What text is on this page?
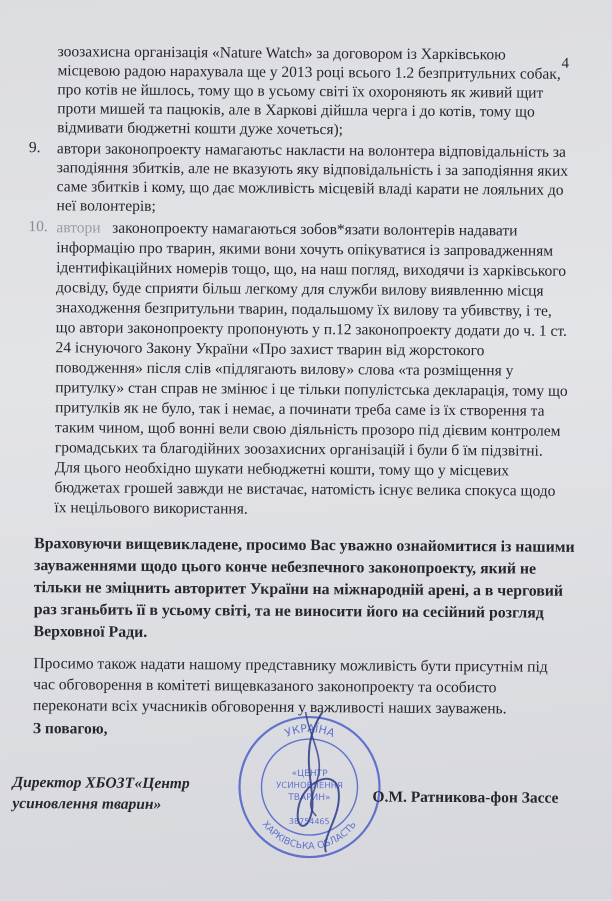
4

зоозахисна організація «Nature Watch» за договором із Харківською

місцевою радою нарахувала ще у 2013 році всього 1.2 безпритульних собак,

про котів не йшлось, тому що в усьому світі їх охороняють як живий щит

проти мишей та пацюків, але в Харкові дійшла черга і до котів, тому що

відмивати бюджетні кошти дуже хочеться);

9. автори законопроекту намагаютьс накласти на волонтера відповідальність за

заподіяння збитків, але не вказують яку відповідальність і за заподіяння яких

саме збитків і кому, що дає можливість місцевій владі карати не лояльних до

неї волонтерів;

10. автори законопроекту намагаються зобов*язати волонтерів надавати

інформацію про тварин, якими вони хочуть опікуватися із запровадженням

ідентифікаційних номерів тощо, що, на наш погляд, виходячи із харківського

досвіду, буде сприяти більш легкому для служби вилову виявленню місця

знаходження безпритульни тварин, подальшому їх вилову та убивству, і те,

що автори законопроекту пропонують у п.12 законопроекту додати до ч. 1 ст.

24 існуючого Закону України «Про захист тварин від жорстокого

поводження» після слів «підлягають вилову» слова «та розміщення у

притулку» стан справ не змінює і це тільки популістська декларація, тому що

притулків як не було, так і немає, а починати треба саме із їх створення та

таким чином, щоб вонні вели свою діяльність прозоро під дієвим контролем

громадських та благодійних зоозахисних організацій і були б їм підзвітні.

Для цього необхідно шукати небюджетні кошти, тому що у місцевих

бюджетах грошей завжди не вистачає, натомість існує велика спокуса щодо

їх нецільового використання.

Враховуючи вищевикладене, просимо Вас уважно ознайомитися із нашими

зауваженнями щодо цього конче небезпечного законопроекту, який не

тільки не змiцнить авторитет України на міжнародній арені, а в черговий

раз зганьбить її в усьому світі, та не виносити його на сесійний розгляд

Верховної Ради.

Просимо також надати нашому представнику можливість бути присутнім під

час обговорення в комітеті вищевказаного законопроекту та особисто

переконати всіх учасників обговорення у важливості наших зауважень.

З повагою,
Директор ХБОЗТ«Центр
усиновлення тварин»
УКРАЇНА
ХАРКІВСЬКА ОБЛАСТЬ
«ЦЕНТР
УСИНОВЛЕННЯ
ТВАРИН»
38754465
О.М. Ратникова-фон Зассе
